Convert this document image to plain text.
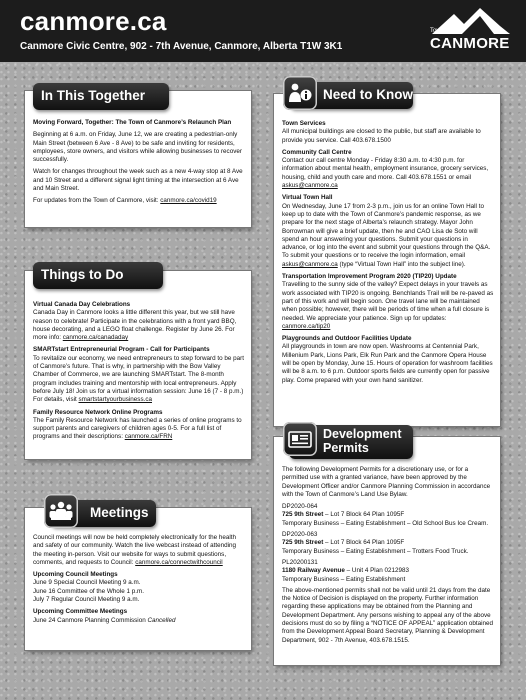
canmore.ca
Canmore Civic Centre, 902 - 7th Avenue, Canmore, Alberta T1W 3K1
Town of
CANMORE

Moving Forward, Together: The Town of Canmore’s Relaunch Plan

Beginning at 6 a.m. on Friday, June 12, we are creating a pedestrian-only Main Street (between 6 Ave - 8 Ave) to be safe and inviting for residents, employees, store owners, and visitors while allowing businesses to recover successfully.

Watch for changes throughout the week such as a new 4-way stop at 8 Ave and 10 Street and a different signal light timing at the intersection at 6 Ave and Main Street.

For updates from the Town of Canmore, visit: canmore.ca/covid19

In This Together
Virtual Canada Day Celebrations

Canada Day in Canmore looks a little different this year, but we still have reason to celebrate! Participate in the celebrations with a front yard BBQ, house decorating, and a LEGO float challenge. Register by June 26. For more info: canmore.ca/canadaday

SMARTstart Entrepreneurial Program - Call for Participants

To revitalize our economy, we need entrepreneurs to step forward to be part of Canmore’s future. That is why, in partnership with the Bow Valley Chamber of Commerce, we are launching SMARTstart. The 8-month program includes training and mentorship with local entrepreneurs. Apply before July 18! Join us for a virtual information session: June 16 (7 - 8 p.m.) For details, visit smartstartyourbusiness.ca

Family Resource Network Online Programs

The Family Resource Network has launched a series of online programs to support parents and caregivers of children ages 0-5. For a full list of programs and their descriptions: canmore.ca/FRN

Things to Do

Council meetings will now be held completely electronically for the health and safety of our community. Watch the live webcast instead of attending the meeting in-person. Visit our website for ways to submit questions, comments, and requests to Council: canmore.ca/connectwithcouncil

Upcoming Council Meetings
June 9 Special Council Meeting 9 a.m.
June 16 Committee of the Whole 1 p.m.
July 7 Regular Council Meeting 9 a.m.
Upcoming Committee Meetings
June 24 Canmore Planning Commission Cancelled
Meetings
Town Services

All municipal buildings are closed to the public, but staff are available to provide you service. Call 403.678.1500

Community Call Centre

Contact our call centre Monday - Friday 8:30 a.m. to 4:30 p.m. for information about mental health, employment insurance, grocery services, housing, child and youth care and more. Call 403.678.1551 or email askus@canmore.ca

Virtual Town Hall

On Wednesday, June 17 from 2-3 p.m., join us for an online Town Hall to keep up to date with the Town of Canmore’s pandemic response, as we prepare for the next stage of Alberta’s relaunch strategy. Mayor John Borrowman will give a brief update, then he and CAO Lisa de Soto will spend an hour answering your questions. Submit your questions in advance, or log into the event and submit your questions through the Q&A. To submit your questions or to receive the login information, email askus@canmore.ca (type “Virtual Town Hall” into the subject line).

Transportation Improvement Program 2020 (TIP20) Update

Travelling to the sunny side of the valley? Expect delays in your travels as work associated with TIP20 is ongoing. Benchlands Trail will be re-paved as part of this work and will begin soon. One travel lane will be maintained when possible; however, there will be periods of time when a full closure is needed. We appreciate your patience. Sign up for updates: canmore.ca/tip20

Playgrounds and Outdoor Facilities Update

All playgrounds in town are now open. Washrooms at Centennial Park, Millenium Park, Lions Park, Elk Run Park and the Canmore Opera House will be open by Monday, June 15. Hours of operation for washroom facilities will be 8 a.m. to 6 p.m. Outdoor sports fields are currently open for passive play. Come prepared with your own hand sanitizer.

Need to Know

The following Development Permits for a discretionary use, or for a permitted use with a granted variance, have been approved by the Development Officer and/or Canmore Planning Commission in accordance with the Town of Canmore’s Land Use Bylaw.

DP2020-064
725 9th Street – Lot 7 Block 64 Plan 1095F
Temporary Business – Eating Establishment – Old School Bus Ice Cream.
DP2020-063
725 9th Street – Lot 7 Block 64 Plan 1095F
Temporary Business – Eating Establishment – Trotters Food Truck.
PL20200131
1180 Railway Avenue – Unit 4 Plan 0212983
Temporary Business – Eating Establishment

The above-mentioned permits shall not be valid until 21 days from the date the Notice of Decision is displayed on the property. Further information regarding these applications may be obtained from the Planning and Development Department. Any persons wishing to appeal any of the above decisions must do so by filing a “NOTICE OF APPEAL” application obtained from the Development Appeal Board Secretary, Planning & Development Department, 902 - 7th Avenue, 403.678.1515.

Development
Permits
